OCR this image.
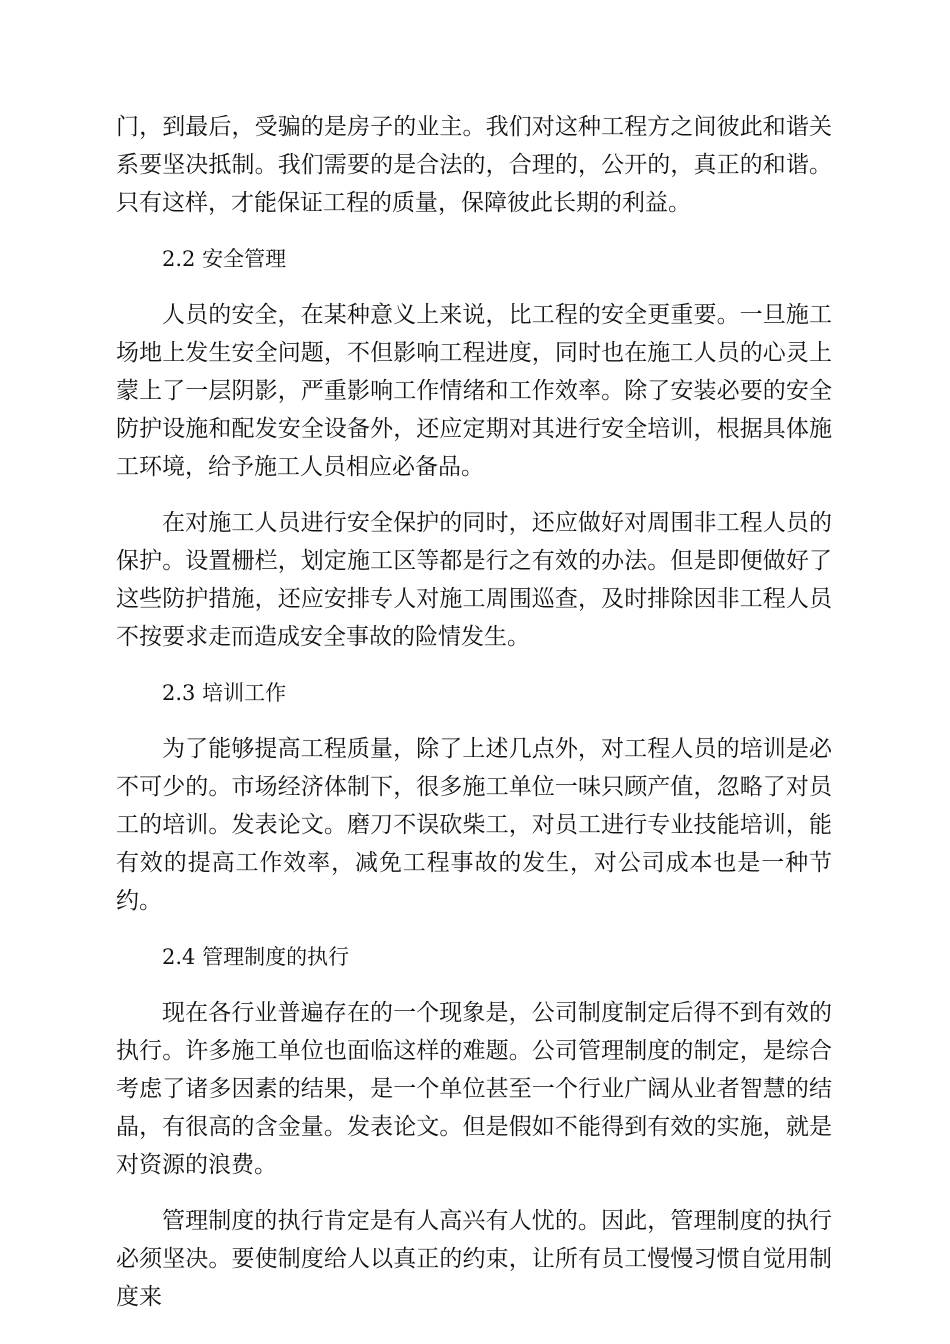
门，到最后，受骗的是房子的业主。我们对这种工程方之间彼此和谐关系要坚决抵制。我们需要的是合法的，合理的，公开的，真正的和谐。只有这样，才能保证工程的质量，保障彼此长期的利益。

2.2 安全管理

人员的安全，在某种意义上来说，比工程的安全更重要。一旦施工场地上发生安全问题，不但影响工程进度，同时也在施工人员的心灵上蒙上了一层阴影，严重影响工作情绪和工作效率。除了安装必要的安全防护设施和配发安全设备外，还应定期对其进行安全培训，根据具体施工环境，给予施工人员相应必备品。

在对施工人员进行安全保护的同时，还应做好对周围非工程人员的保护。设置栅栏，划定施工区等都是行之有效的办法。但是即便做好了这些防护措施，还应安排专人对施工周围巡查，及时排除因非工程人员不按要求走而造成安全事故的险情发生。

2.3 培训工作

为了能够提高工程质量，除了上述几点外，对工程人员的培训是必不可少的。市场经济体制下，很多施工单位一味只顾产值，忽略了对员工的培训。发表论文。磨刀不误砍柴工，对员工进行专业技能培训，能有效的提高工作效率，减免工程事故的发生，对公司成本也是一种节约。

2.4 管理制度的执行

现在各行业普遍存在的一个现象是，公司制度制定后得不到有效的执行。许多施工单位也面临这样的难题。公司管理制度的制定，是综合考虑了诸多因素的结果，是一个单位甚至一个行业广阔从业者智慧的结晶，有很高的含金量。发表论文。但是假如不能得到有效的实施，就是对资源的浪费。

管理制度的执行肯定是有人高兴有人忧的。因此，管理制度的执行必须坚决。要使制度给人以真正的约束，让所有员工慢慢习惯自觉用制度来
